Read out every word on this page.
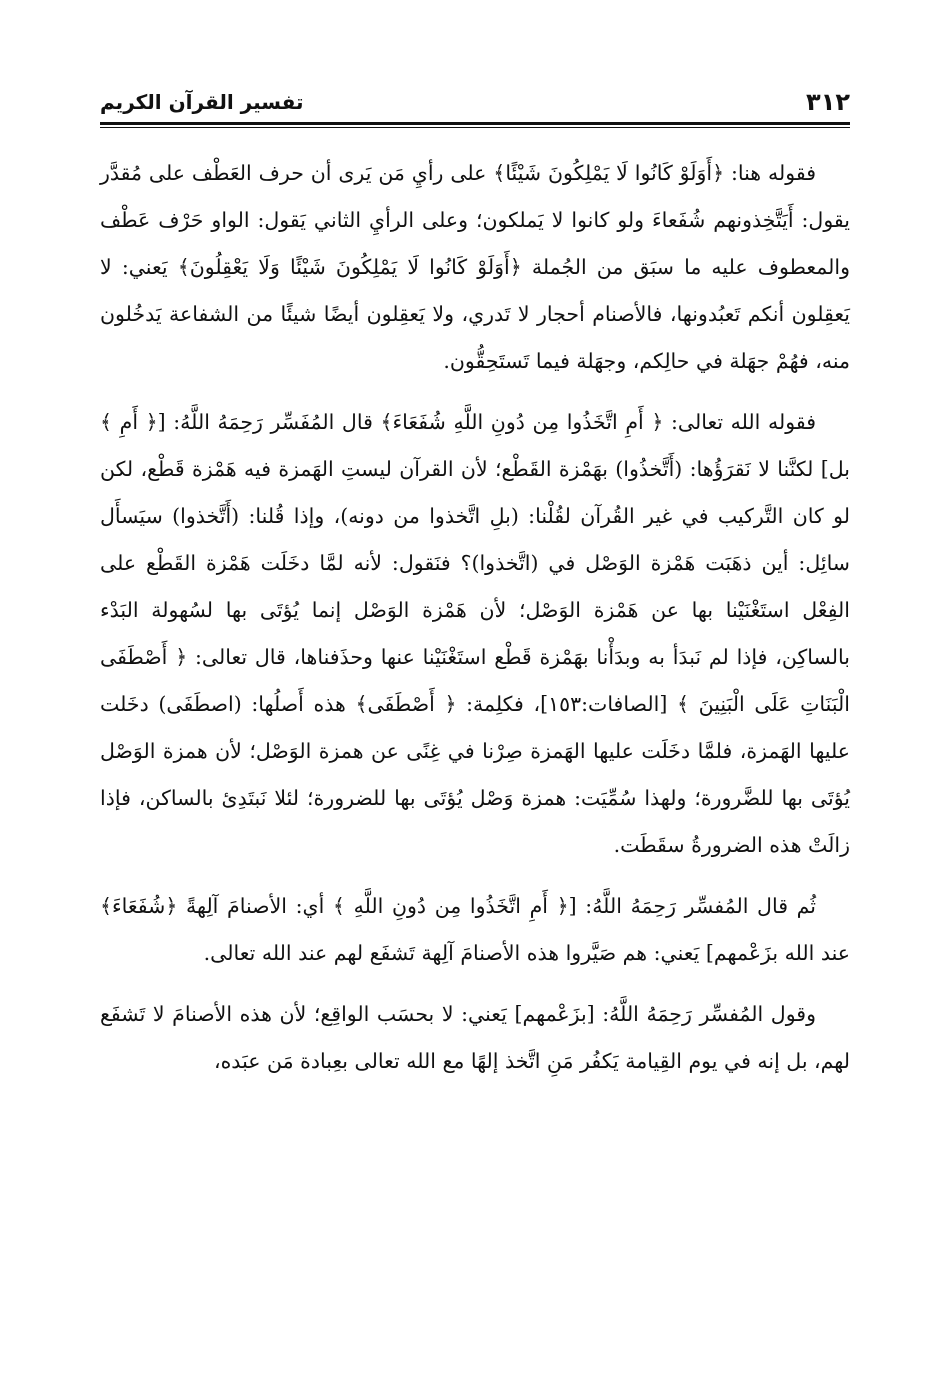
٣١٢
تفسير القرآن الكريم

فقوله هنا: ﴿أَوَلَوْ كَانُوا لَا يَمْلِكُونَ شَيْئًا﴾ على رأيِ مَن يَرى أن حرف العَطْف على مُقدَّر يقول: أَيَتَّخِذونهم شُفَعاءَ ولو كانوا لا يَملكون؛ وعلى الرأيِ الثاني يَقول: الواو حَرْف عَطْف والمعطوف عليه ما سبَق من الجُملة ﴿أَوَلَوْ كَانُوا لَا يَمْلِكُونَ شَيْئًا وَلَا يَعْقِلُونَ﴾ يَعني: لا يَعقِلون أنكم تَعبُدونها، فالأصنام أحجار لا تَدري، ولا يَعقِلون أيضًا شيئًا من الشفاعة يَدخُلون منه، فهُمْ جهَلة في حالِكم، وجهَلة فيما تَستَحِقُّون.

فقوله الله تعالى: ﴿ أَمِ اتَّخَذُوا مِن دُونِ اللَّهِ شُفَعَاءَ﴾ قال المُفَسِّر رَحِمَهُ اللَّهُ: [﴿ أَمِ ﴾ بل] لكنَّنا لا نَقرَؤُها: (أَتَّخذُوا) بهَمْزة القَطْع؛ لأن القرآن ليستِ الهَمزة فيه هَمْزة قَطْع، لكن لو كان التَّركيب في غير القُرآن لقُلْنا: (بلِ اتَّخذوا من دونه)، وإذا قُلنا: (أَتَّخذوا) سيَسأَل سائِل: أين ذهَبَت هَمْزة الوَصْل في (اتَّخذوا)؟ فنَقول: لأنه لمَّا دخَلَت هَمْزة القَطْع على الفِعْل استَغْنَيْنا بها عن هَمْزة الوَصْل؛ لأن هَمْزة الوَصْل إنما يُؤتَى بها لسُهولة البَدْء بالساكِن، فإذا لم نَبدَأ به وبدَأْنا بهَمْزة قَطْع استَغْنَيْنا عنها وحذَفناها، قال تعالى: ﴿ أَصْطَفَى الْبَنَاتِ عَلَى الْبَنِينَ ﴾ [الصافات:١٥٣]، فكلِمة: ﴿ أَصْطَفَى﴾ هذه أَصلُها: (اصطَفَى) دخَلت عليها الهَمزة، فلمَّا دخَلَت عليها الهَمزة صِرْنا في غِنًى عن همزة الوَصْل؛ لأن همزة الوَصْل يُؤتَى بها للضَّرورة؛ ولهذا سُمِّيَت: همزة وَصْل يُؤتَى بها للضرورة؛ لئلا نَبتَدِئ بالساكن، فإذا زالَتْ هذه الضرورةُ سقَطَت.

ثُم قال المُفسِّر رَحِمَهُ اللَّهُ: [﴿ أَمِ اتَّخَذُوا مِن دُونِ اللَّهِ ﴾ أي: الأصنامَ آلِهةً ﴿شُفَعَاءَ﴾ عند الله بزَعْمهم] يَعني: هم صَيَّروا هذه الأصنامَ آلِهة تَشفَع لهم عند الله تعالى.

وقول المُفسِّر رَحِمَهُ اللَّهُ: [بزَعْمهم] يَعني: لا بحسَب الواقِع؛ لأن هذه الأصنامَ لا تَشفَع لهم، بل إنه في يوم القِيامة يَكفُر مَنِ اتَّخذ إلهًا مع الله تعالى بعِبادة مَن عبَده،
